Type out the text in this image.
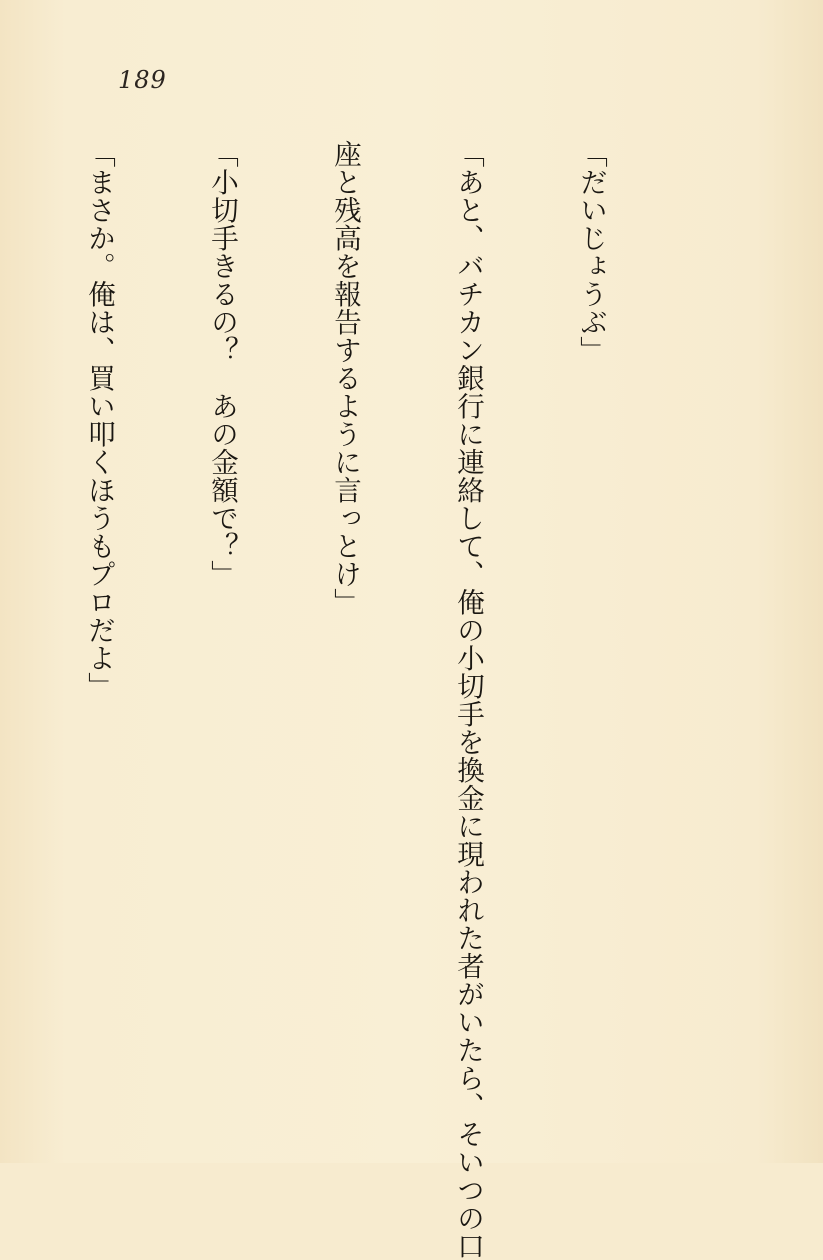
189

「だいじょうぶ」

「あと、バチカン銀行に連絡して、俺の小切手を換金に現われた者がいたら、そいつの口

座と残高を報告するように言っとけ」

「小切手きるの？　あの金額で？」

「まさか。俺は、買い叩くほうもプロだよ」
